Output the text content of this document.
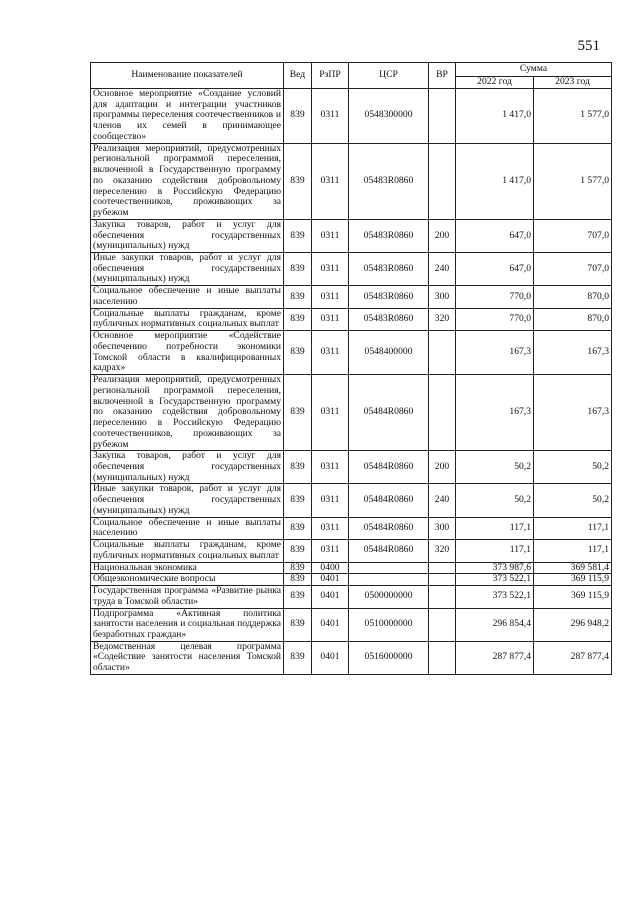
551
Наименование показателей	Вед	РзПР	ЦСР	ВР	Сумма	
					2022 год	2023 год
Основное мероприятие «Создание условий для адаптации и интеграции участников программы переселения соотечественников и членов их семей в принимающее сообщество»	839	0311	0548300000		1 417,0	1 577,0
Реализация мероприятий, предусмотренных региональной программой переселения, включенной в Государственную программу по оказанию содействия добровольному переселению в Российскую Федерацию соотечественников, проживающих за рубежом	839	0311	05483R0860		1 417,0	1 577,0
Закупка товаров, работ и услуг для обеспечения государственных (муниципальных) нужд	839	0311	05483R0860	200	647,0	707,0
Иные закупки товаров, работ и услуг для обеспечения государственных (муниципальных) нужд	839	0311	05483R0860	240	647,0	707,0
Социальное обеспечение и иные выплаты населению	839	0311	05483R0860	300	770,0	870,0
Социальные выплаты гражданам, кроме публичных нормативных социальных выплат	839	0311	05483R0860	320	770,0	870,0
Основное мероприятие «Содействие обеспечению потребности экономики Томской области в квалифицированных кадрах»	839	0311	0548400000		167,3	167,3
Реализация мероприятий, предусмотренных региональной программой переселения, включенной в Государственную программу по оказанию содействия добровольному переселению в Российскую Федерацию соотечественников, проживающих за рубежом	839	0311	05484R0860		167,3	167,3
Закупка товаров, работ и услуг для обеспечения государственных (муниципальных) нужд	839	0311	05484R0860	200	50,2	50,2
Иные закупки товаров, работ и услуг для обеспечения государственных (муниципальных) нужд	839	0311	05484R0860	240	50,2	50,2
Социальное обеспечение и иные выплаты населению	839	0311	05484R0860	300	117,1	117,1
Социальные выплаты гражданам, кроме публичных нормативных социальных выплат	839	0311	05484R0860	320	117,1	117,1
Национальная экономика	839	0400			373 987,6	369 581,4
Общеэкономические вопросы	839	0401			373 522,1	369 115,9
Государственная программа «Развитие рынка труда в Томской области»	839	0401	0500000000		373 522,1	369 115,9
Подпрограмма «Активная политика занятости населения и социальная поддержка безработных граждан»	839	0401	0510000000		296 854,4	296 948,2
Ведомственная целевая программа «Содействие занятости населения Томской области»	839	0401	0516000000		287 877,4	287 877,4
